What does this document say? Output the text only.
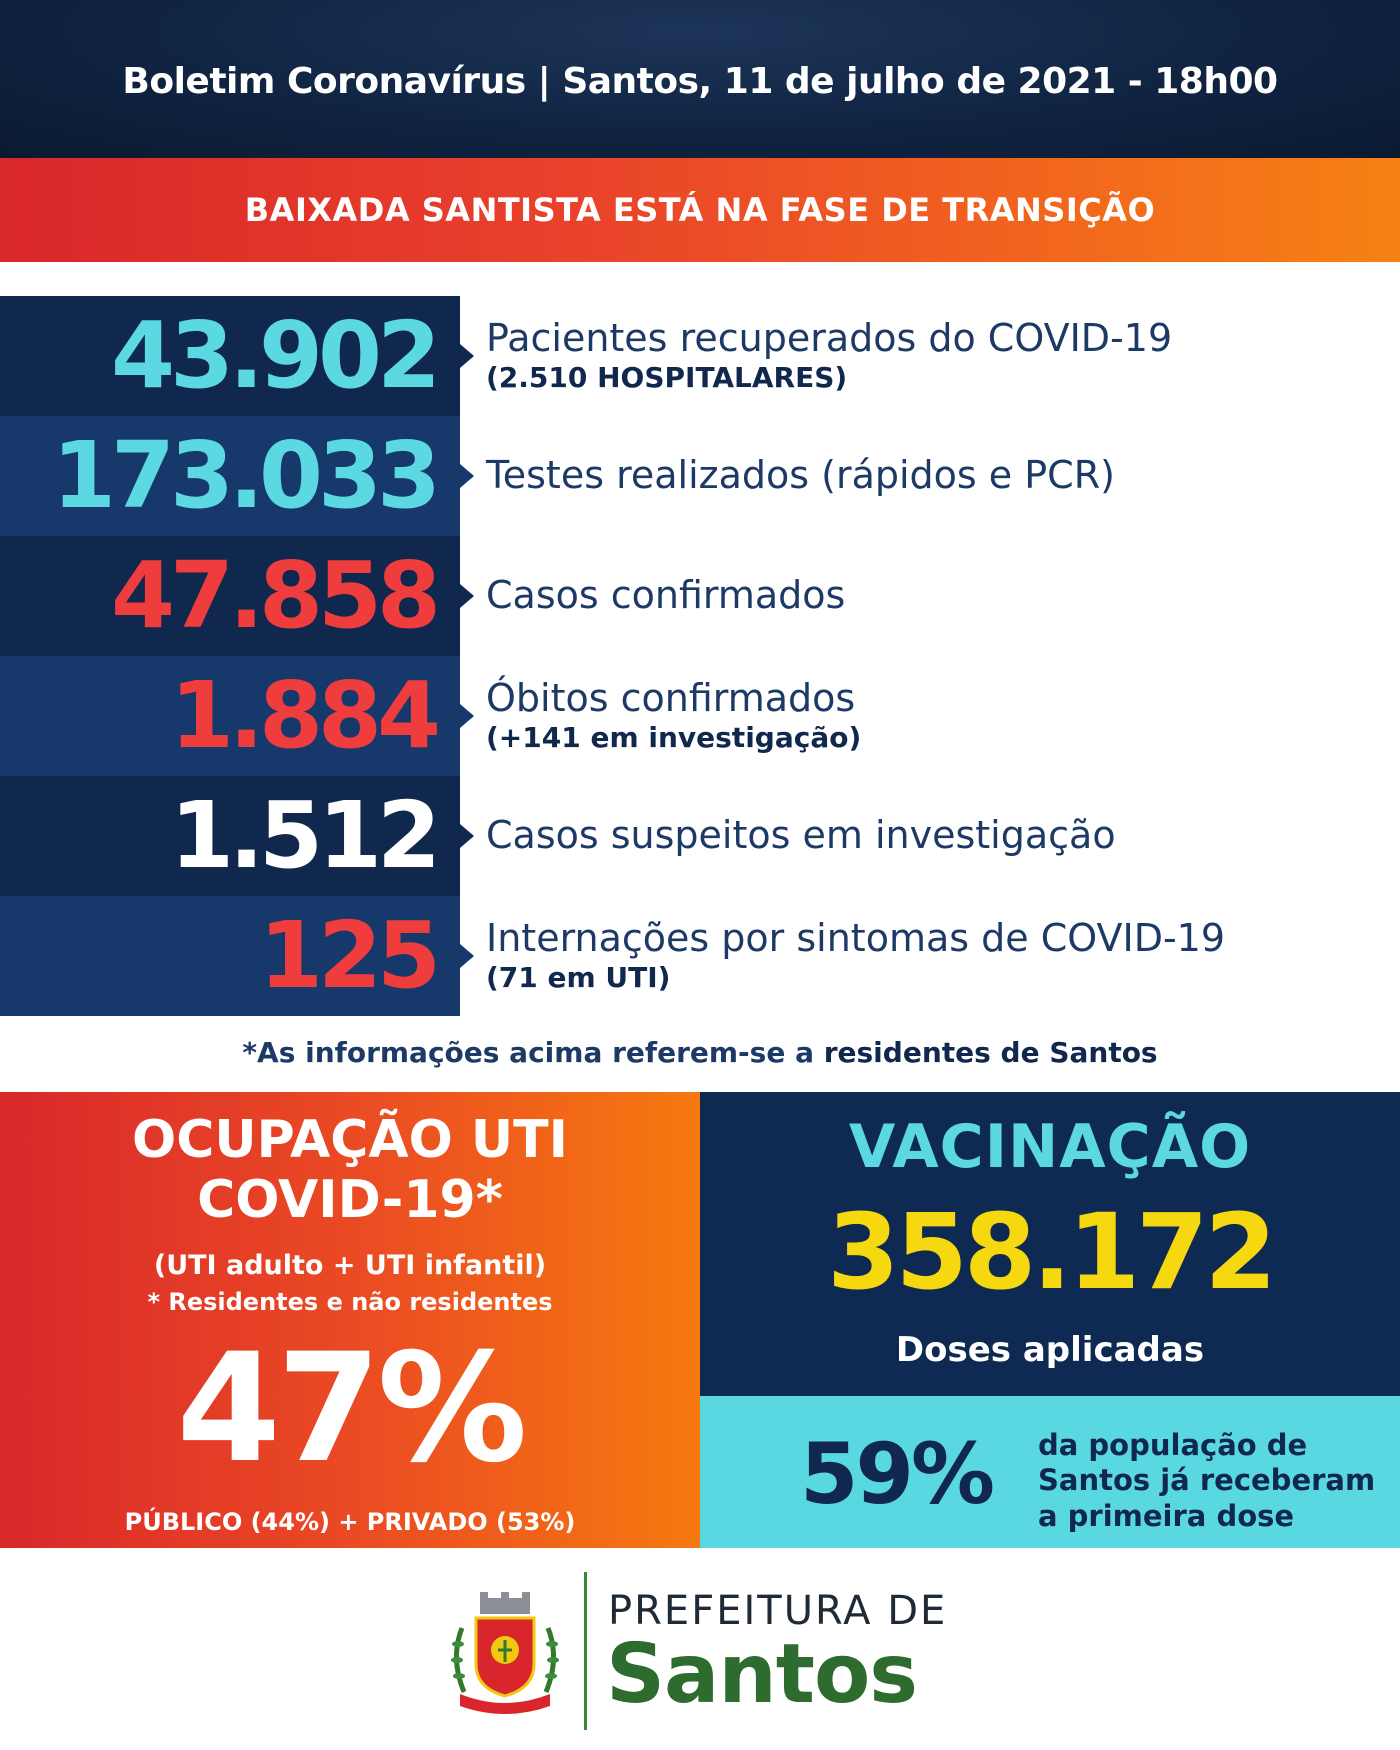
Boletim Coronavírus | Santos, 11 de julho de 2021 - 18h00
BAIXADA SANTISTA ESTÁ NA FASE DE TRANSIÇÃO
43.902 Pacientes recuperados do COVID-19
(2.510 HOSPITALARES)
173.033 Testes realizados (rápidos e PCR)
47.858 Casos confirmados
1.884 Óbitos confirmados
(+141 em investigação)
1.512 Casos suspeitos em investigação
125 Internações por sintomas de COVID-19
(71 em UTI)
*As informações acima referem-se a residentes de Santos
OCUPAÇÃO UTI
COVID-19*
(UTI adulto + UTI infantil)
* Residentes e não residentes
47%
PÚBLICO (44%) + PRIVADO (53%)
VACINAÇÃO
358.172
Doses aplicadas
59% da população de
Santos já receberam
a primeira dose
PREFEITURA DE
Santos
